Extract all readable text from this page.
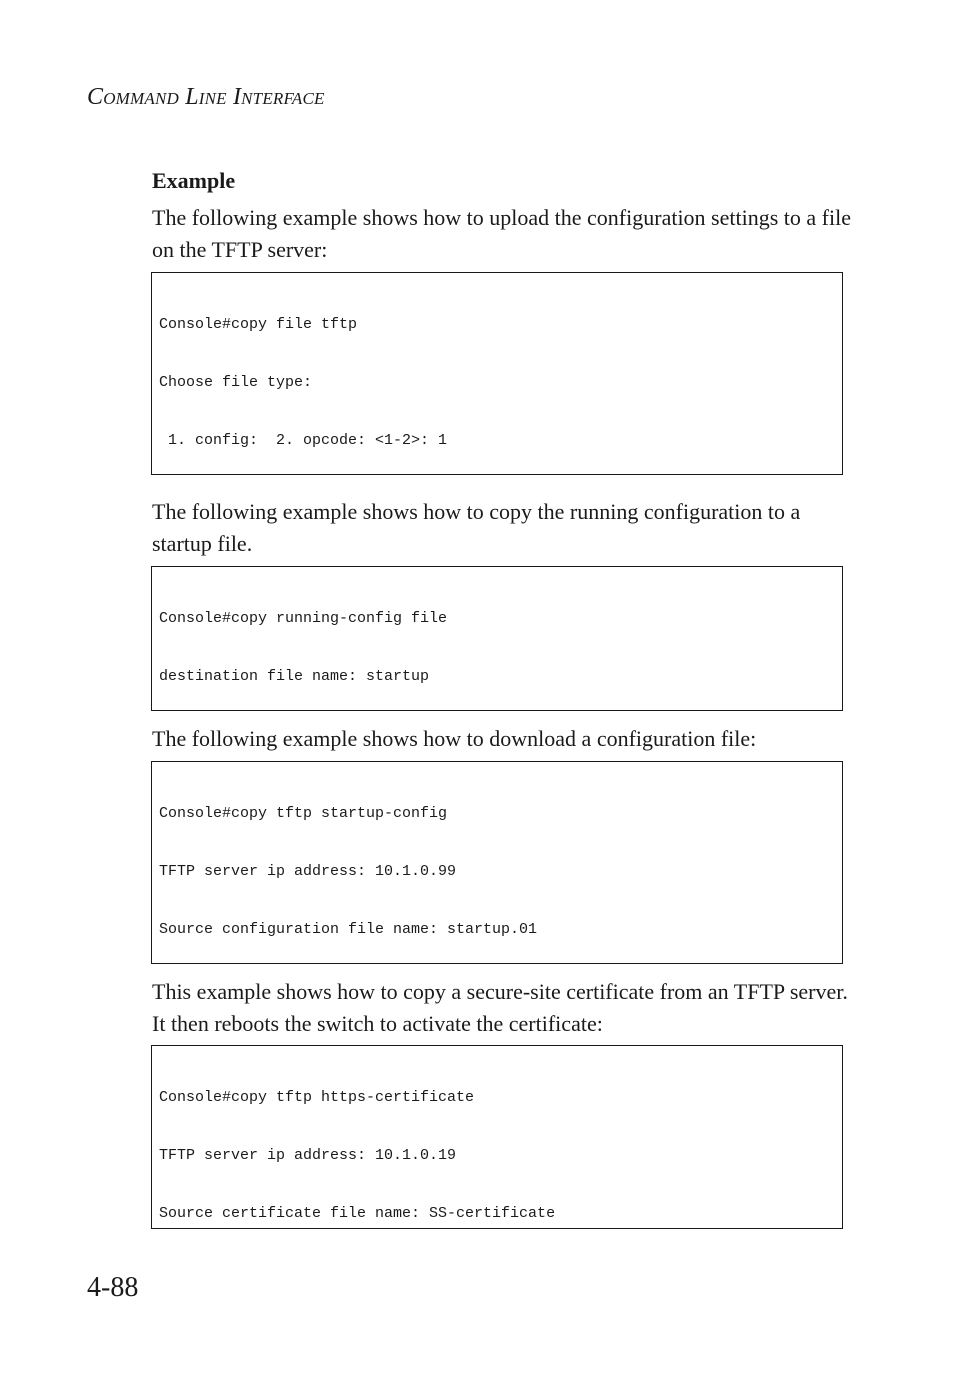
Command Line Interface
Example

The following example shows how to upload the configuration settings to a file on the TFTP server:

Console#copy file tftp

Choose file type:

1. config:  2. opcode: <1-2>: 1

The following example shows how to copy the running configuration to a startup file.

Console#copy running-config file

destination file name: startup

The following example shows how to download a configuration file:

Console#copy tftp startup-config

TFTP server ip address: 10.1.0.99

Source configuration file name: startup.01

This example shows how to copy a secure-site certificate from an TFTP server. It then reboots the switch to activate the certificate:

Console#copy tftp https-certificate

TFTP server ip address: 10.1.0.19

Source certificate file name: SS-certificate

4-88
